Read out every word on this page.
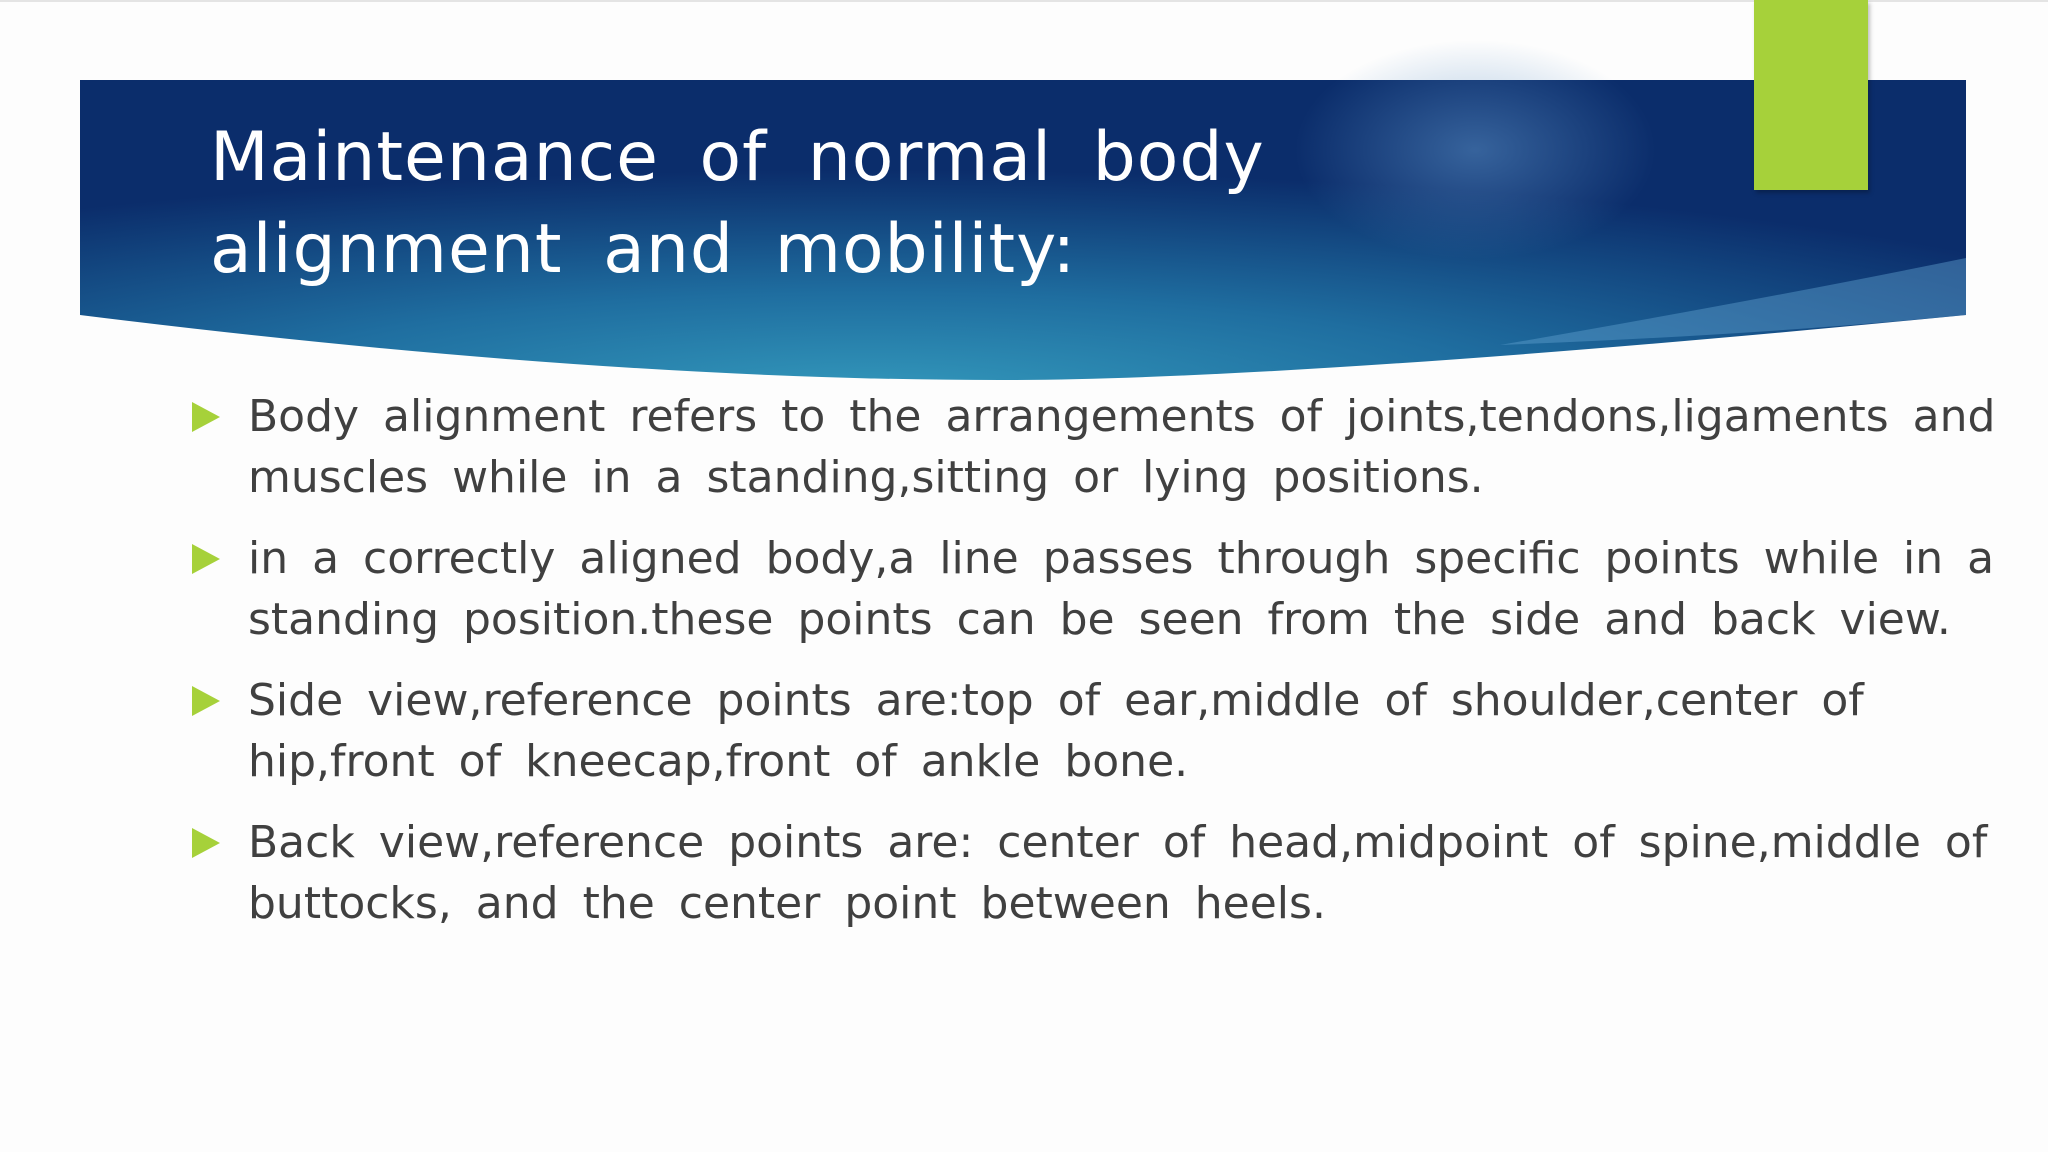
Maintenance of normal body
alignment and mobility:
Body alignment refers to the arrangements of joints,tendons,ligaments and muscles while in a standing,sitting or lying positions.
in a correctly aligned body,a line passes through specific points while in a standing position.these points can be seen from the side and back view.
Side view,reference points are:top of ear,middle of shoulder,center of hip,front of kneecap,front of ankle bone.
Back view,reference points are: center of head,midpoint of spine,middle of buttocks, and the center point between heels.
